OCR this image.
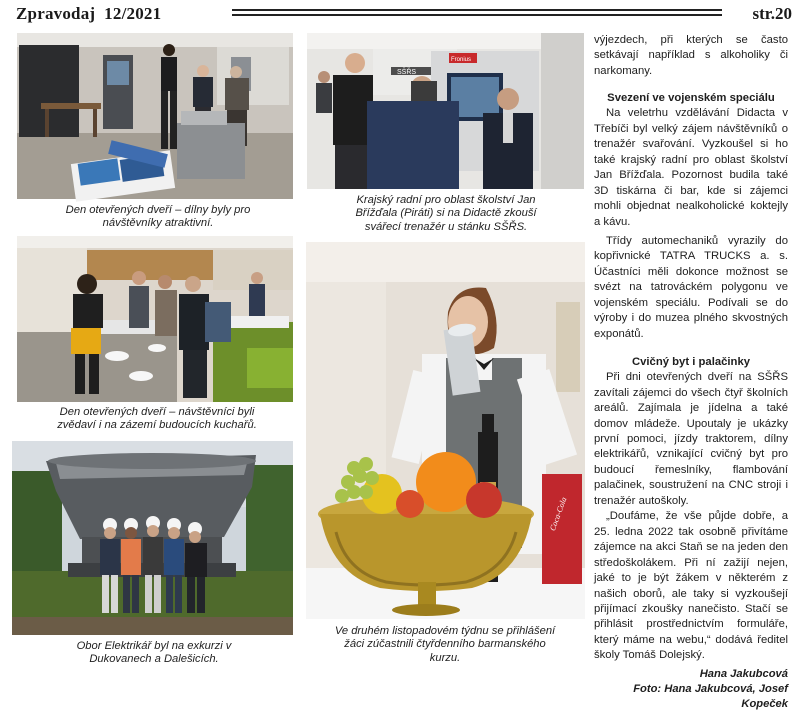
Zpravodaj 12/2021	str.20
Den otevřených dveří – dílny byly pro návštěvníky atraktivní.
SŠŘS
Fronius
Krajský radní pro oblast školství Jan Břížďala (Piráti) si na Didactě zkouší svářecí trenažér u stánku SŠŘS.
Den otevřených dveří – návštěvníci byli zvědaví i na zázemí budoucích kuchařů.
Obor Elektrikář byl na exkurzi v Dukovanech a Dalešicích.
Coca-Cola
Ve druhém listopadovém týdnu se přihlášení žáci zúčastnili čtyřdenního barmanského kurzu.

výjezdech, při kterých se často setkávají například s alkoholiky či narkomany.

Svezení ve vojenském speciálu

Na veletrhu vzdělávání Didacta v Třebíči byl velký zájem návštěvníků o trenažér svařování. Vyzkoušel si ho také krajský radní pro oblast školství Jan Břížďala. Pozornost budila také 3D tiskárna či bar, kde si zájemci mohli objednat nealkoholické koktejly a kávu.

Třídy automechaniků vyrazily do kopřivnické TATRA TRUCKS a. s. Účastníci měli dokonce možnost se svézt na tatrováckém polygonu ve vojenském speciálu. Podívali se do výroby i do muzea plného skvostných exponátů.

Cvičný byt i palačinky

Při dni otevřených dveří na SŠŘS zavítali zájemci do všech čtyř školních areálů. Zajímala je jídelna a také domov mládeže. Upoutaly je ukázky první pomoci, jízdy traktorem, dílny elektrikářů, vznikající cvičný byt pro budoucí řemeslníky, flambování palačinek, soustružení na CNC stroji i trenažér autoškoly.

„Doufáme, že vše půjde dobře, a 25. ledna 2022 tak osobně přivítáme zájemce na akci Staň se na jeden den středoškolákem. Při ní zažijí nejen, jaké to je být žákem v některém z našich oborů, ale taky si vyzkoušejí přijímací zkoušky nanečisto. Stačí se přihlásit prostřednictvím formuláře, který máme na webu,“ dodává ředitel školy Tomáš Dolejský.

Hana Jakubcová
Foto: Hana Jakubcová, Josef Kopeček
